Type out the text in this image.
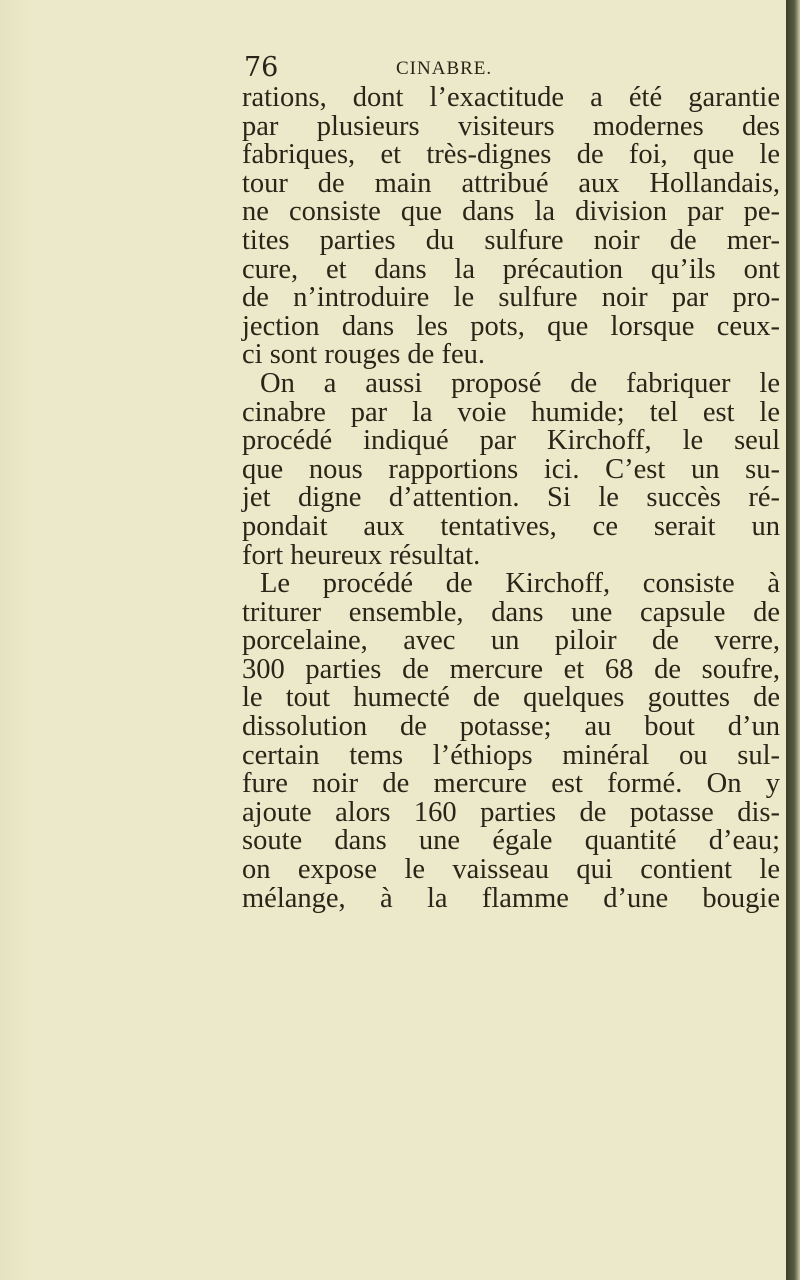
76	CINABRE.
rations, dont l’exactitude a été garantie
par plusieurs visiteurs modernes des
fabriques, et très-dignes de foi, que le
tour de main attribué aux Hollandais,
ne consiste que dans la division par pe-
tites parties du sulfure noir de mer-
cure, et dans la précaution qu’ils ont
de n’introduire le sulfure noir par pro-
jection dans les pots, que lorsque ceux-
ci sont rouges de feu.
On a aussi proposé de fabriquer le
cinabre par la voie humide; tel est le
procédé indiqué par Kirchoff, le seul
que nous rapportions ici. C’est un su-
jet digne d’attention. Si le succès ré-
pondait aux tentatives, ce serait un
fort heureux résultat.
Le procédé de Kirchoff, consiste à
triturer ensemble, dans une capsule de
porcelaine, avec un piloir de verre,
300 parties de mercure et 68 de soufre,
le tout humecté de quelques gouttes de
dissolution de potasse; au bout d’un
certain tems l’éthiops minéral ou sul-
fure noir de mercure est formé. On y
ajoute alors 160 parties de potasse dis-
soute dans une égale quantité d’eau;
on expose le vaisseau qui contient le
mélange, à la flamme d’une bougie
